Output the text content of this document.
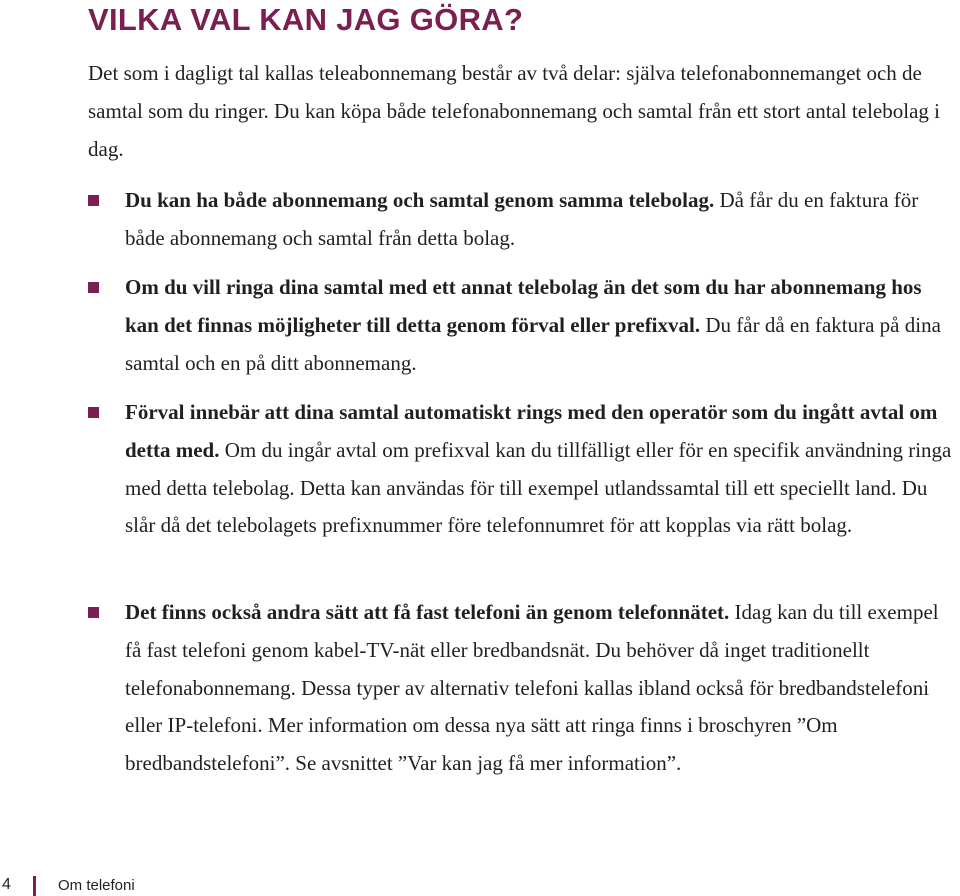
VILKA VAL KAN JAG GÖRA?

Det som i dagligt tal kallas teleabonnemang består av två delar: själva telefonabonnemanget och de samtal som du ringer. Du kan köpa både telefonabonnemang och samtal från ett stort antal telebolag i dag.

Du kan ha både abonnemang och samtal genom samma telebolag. Då får du en faktura för både abonnemang och samtal från detta bolag.
Om du vill ringa dina samtal med ett annat telebolag än det som du har abonnemang hos kan det finnas möjligheter till detta genom förval eller prefixval. Du får då en faktura på dina samtal och en på ditt abonnemang.
Förval innebär att dina samtal automatiskt rings med den operatör som du ingått avtal om detta med. Om du ingår avtal om prefixval kan du tillfälligt eller för en specifik användning ringa med detta telebolag. Detta kan användas för till exempel utlandssamtal till ett speciellt land. Du slår då det telebolagets prefixnummer före telefonnumret för att kopplas via rätt bolag.
Det finns också andra sätt att få fast telefoni än genom telefonnätet. Idag kan du till exempel få fast telefoni genom kabel-TV-nät eller bredbandsnät. Du behöver då inget traditionellt telefonabonnemang. Dessa typer av alternativ telefoni kallas ibland också för bredbandstelefoni eller IP-telefoni. Mer information om dessa nya sätt att ringa finns i broschyren ”Om bredbandstelefoni”. Se avsnittet ”Var kan jag få mer information”.
4	Om telefoni
